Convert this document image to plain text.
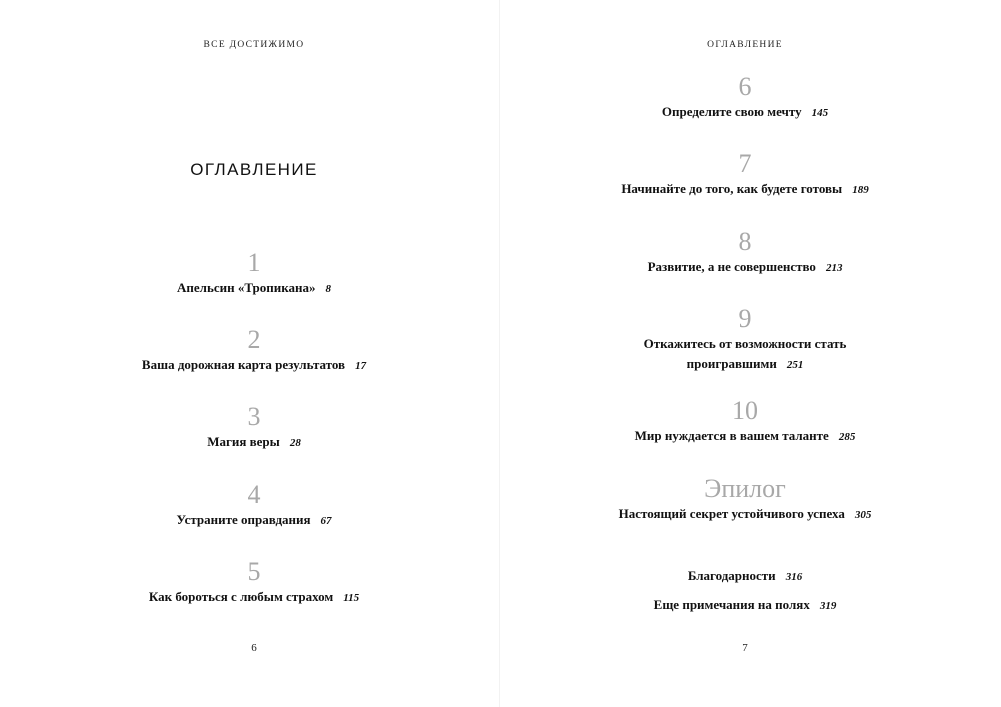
ВСЕ ДОСТИЖИМО
ОГЛАВЛЕНИЕ
1
Апельсин «Тропикана» 8
2
Ваша дорожная карта результатов 17
3
Магия веры 28
4
Устраните оправдания 67
5
Как бороться с любым страхом 115
6
ОГЛАВЛЕНИЕ
6
Определите свою мечту 145
7
Начинайте до того, как будете готовы 189
8
Развитие, а не совершенство 213
9
Откажитесь от возможности стать
проигравшими 251
10
Мир нуждается в вашем таланте 285
Эпилог
Настоящий секрет устойчивого успеха 305
Благодарности 316
Еще примечания на полях 319
7
